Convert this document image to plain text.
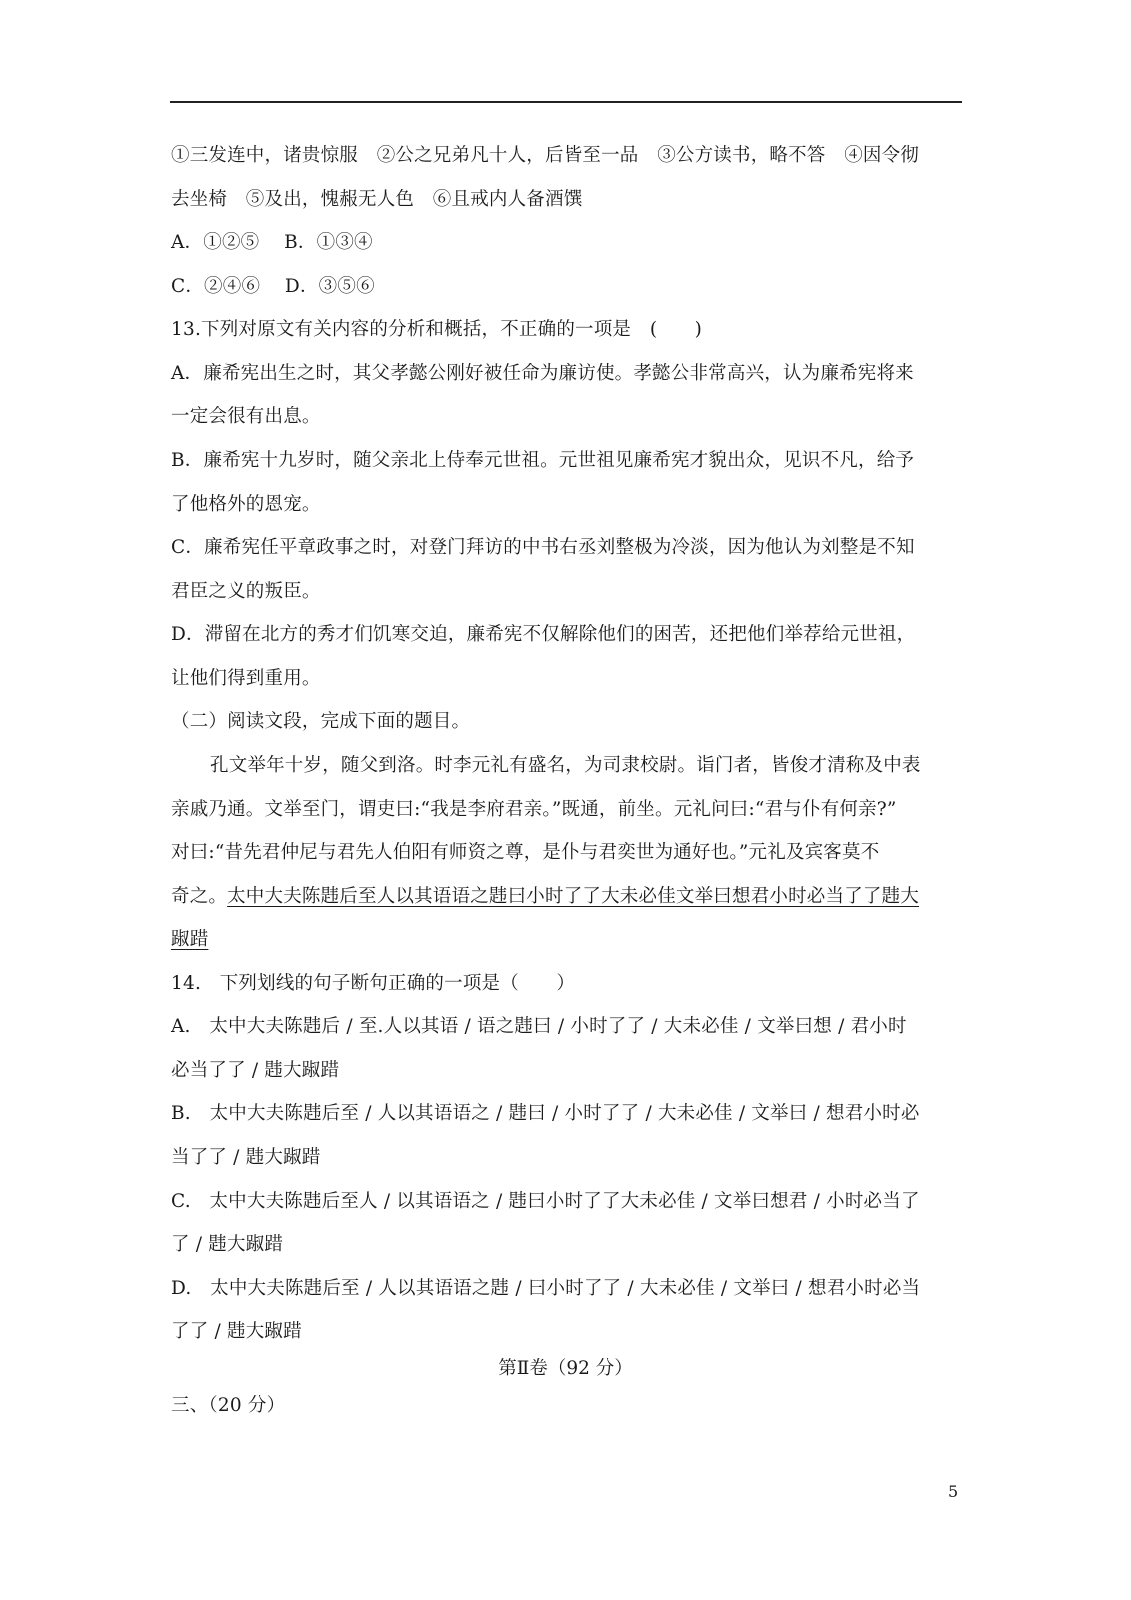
①三发连中，诸贵惊服　②公之兄弟凡十人，后皆至一品　③公方读书，略不答　④因令彻
去坐椅　⑤及出，愧赧无人色　⑥且戒内人备酒馔
A．①②⑤　 B．①③④
C．②④⑥　 D．③⑤⑥
13.下列对原文有关内容的分析和概括，不正确的一项是　(　　)
A．廉希宪出生之时，其父孝懿公刚好被任命为廉访使。孝懿公非常高兴，认为廉希宪将来
一定会很有出息。
B．廉希宪十九岁时，随父亲北上侍奉元世祖。元世祖见廉希宪才貌出众，见识不凡，给予
了他格外的恩宠。
C．廉希宪任平章政事之时，对登门拜访的中书右丞刘整极为冷淡，因为他认为刘整是不知
君臣之义的叛臣。
D．滞留在北方的秀才们饥寒交迫，廉希宪不仅解除他们的困苦，还把他们举荐给元世祖，
让他们得到重用。
（二）阅读文段，完成下面的题目。
孔文举年十岁，随父到洛。时李元礼有盛名，为司隶校尉。诣门者，皆俊才清称及中表
亲戚乃通。文举至门，谓吏曰:“我是李府君亲。”既通，前坐。元礼问曰:“君与仆有何亲?”
对曰:“昔先君仲尼与君先人伯阳有师资之尊，是仆与君奕世为通好也。”元礼及宾客莫不
奇之。太中大夫陈韪后至人以其语语之韪曰小时了了大未必佳文举曰想君小时必当了了韪大
踧踖
14.　下列划线的句子断句正确的一项是（　　）
A.　太中大夫陈韪后 / 至.人以其语 / 语之韪曰 / 小时了了 / 大未必佳 / 文举曰想 / 君小时
必当了了 / 韪大踧踖
B.　太中大夫陈韪后至 / 人以其语语之 / 韪曰 / 小时了了 / 大未必佳 / 文举曰 / 想君小时必
当了了 / 韪大踧踖
C.　太中大夫陈韪后至人 / 以其语语之 / 韪曰小时了了大未必佳 / 文举曰想君 / 小时必当了
了 / 韪大踧踖
D.　太中大夫陈韪后至 / 人以其语语之韪 / 曰小时了了 / 大未必佳 / 文举曰 / 想君小时必当
了了 / 韪大踧踖
第Ⅱ卷（92 分）
三、（20 分）
5
